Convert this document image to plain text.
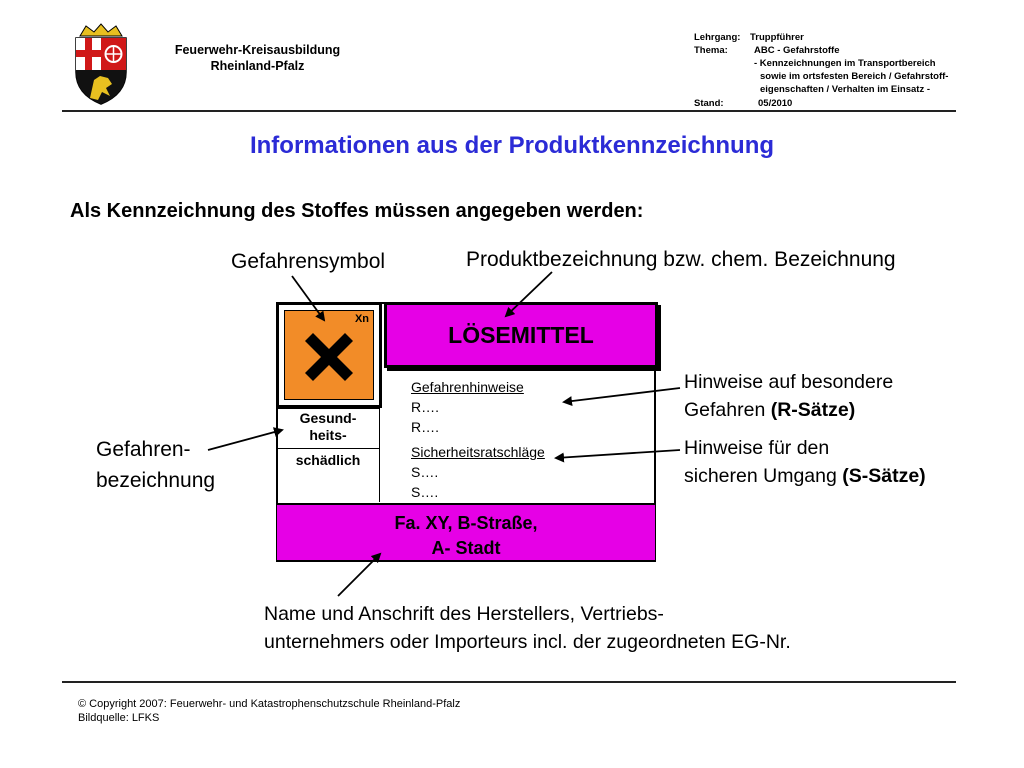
Feuerwehr-Kreisausbildung
Rheinland-Pfalz
Lehrgang: Truppführer
Thema:	ABC - Gefahrstoffe
- Kennzeichnungen im Transportbereich
sowie im ortsfesten Bereich / Gefahrstoff-
eigenschaften / Verhalten im Einsatz -
Stand:	05/2010
Informationen aus der Produktkennzeichnung
Als Kennzeichnung des Stoffes müssen angegeben werden:
Gefahrensymbol	Produktbezeichnung bzw. chem. Bezeichnung
Gefahren-
bezeichnung
Hinweise auf besondere
Gefahren (R-Sätze)
Hinweise für den
sicheren Umgang (S-Sätze)
Name und Anschrift des Herstellers, Vertriebs-
unternehmers oder Importeurs incl. der zugeordneten EG-Nr.
Xn
LÖSEMITTEL
Gesund-
heits-
schädlich
Gefahrenhinweise
R….
R….
Sicherheitsratschläge
S….
S….
Fa. XY, B-Straße,
A- Stadt
© Copyright 2007: Feuerwehr- und Katastrophenschutzschule Rheinland-Pfalz
Bildquelle: LFKS
